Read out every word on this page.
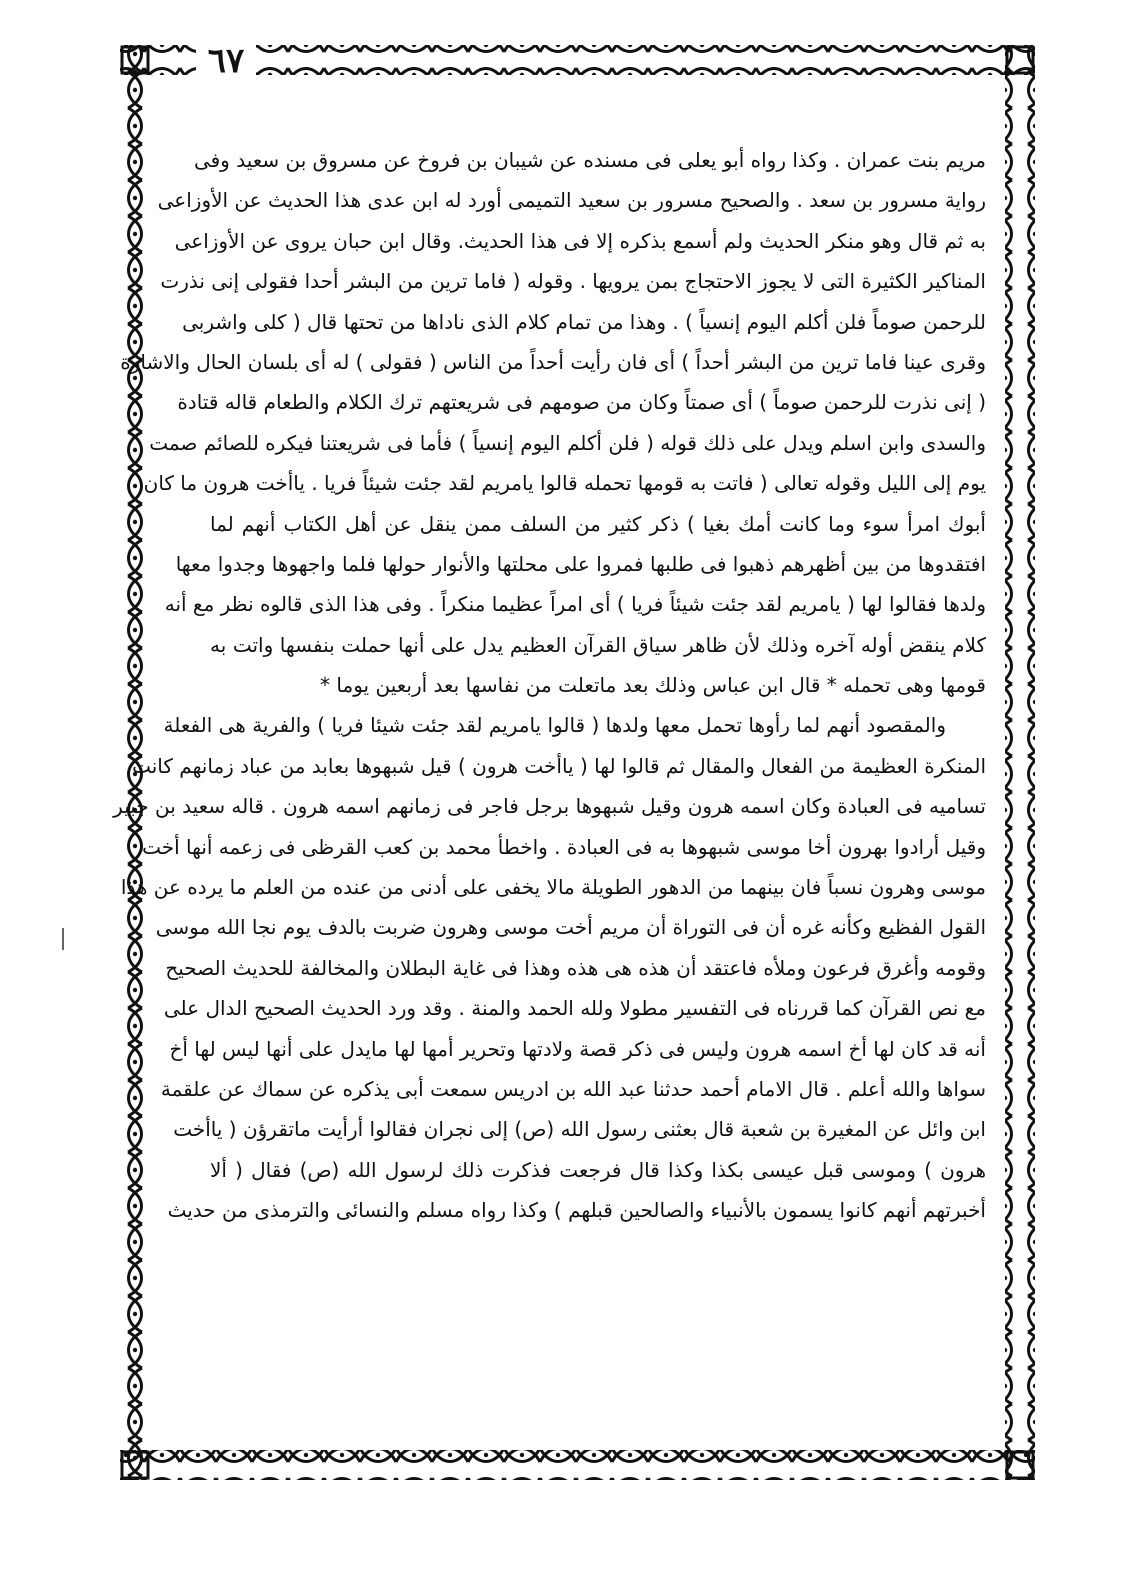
٦٧
مريم بنت عمران . وكذا رواه أبو يعلى فى مسنده عن شيبان بن فروخ عن مسروق بن سعيد وفى
رواية مسرور بن سعد . والصحيح مسرور بن سعيد التميمى أورد له ابن عدى هذا الحديث عن الأوزاعى
به ثم قال وهو منكر الحديث ولم أسمع بذكره إلا فى هذا الحديث. وقال ابن حبان يروى عن الأوزاعى
المناكير الكثيرة التى لا يجوز الاحتجاج بمن يرويها . وقوله ( فاما ترين من البشر أحدا فقولى إنى نذرت
للرحمن صوماً فلن أكلم اليوم إنسياً ) . وهذا من تمام كلام الذى ناداها من تحتها قال ( كلى واشربى
وقرى عينا فاما ترين من البشر أحداً ) أى فان رأيت أحداً من الناس ( فقولى ) له أى بلسان الحال والاشارة
( إنى نذرت للرحمن صوماً ) أى صمتاً وكان من صومهم فى شريعتهم ترك الكلام والطعام قاله قتادة
والسدى وابن اسلم ويدل على ذلك قوله ( فلن أكلم اليوم إنسياً ) فأما فى شريعتنا فيكره للصائم صمت
يوم إلى الليل وقوله تعالى ( فاتت به قومها تحمله قالوا يامريم لقد جئت شيئاً فريا . ياأخت هرون ما كان
أبوك امرأ سوء وما كانت أمك بغيا ) ذكر كثير من السلف ممن ينقل عن أهل الكتاب أنهم لما
افتقدوها من بين أظهرهم ذهبوا فى طلبها فمروا على محلتها والأنوار حولها فلما واجهوها وجدوا معها
ولدها فقالوا لها ( يامريم لقد جئت شيئاً فريا ) أى امراً عظيما منكراً . وفى هذا الذى قالوه نظر مع أنه
كلام ينقض أوله آخره وذلك لأن ظاهر سياق القرآن العظيم يدل على أنها حملت بنفسها واتت به
قومها وهى تحمله * قال ابن عباس وذلك بعد ماتعلت من نفاسها بعد أربعين يوما *
والمقصود أنهم لما رأوها تحمل معها ولدها ( قالوا يامريم لقد جئت شيئا فريا ) والفرية هى الفعلة
المنكرة العظيمة من الفعال والمقال ثم قالوا لها ( ياأخت هرون ) قيل شبهوها بعابد من عباد زمانهم كانت
تساميه فى العبادة وكان اسمه هرون وقيل شبهوها برجل فاجر فى زمانهم اسمه هرون . قاله سعيد بن جبير
وقيل أرادوا بهرون أخا موسى شبهوها به فى العبادة . واخطأ محمد بن كعب القرظى فى زعمه أنها أخت
موسى وهرون نسباً فان بينهما من الدهور الطويلة مالا يخفى على أدنى من عنده من العلم ما يرده عن هذا
القول الفظيع وكأنه غره أن فى التوراة أن مريم أخت موسى وهرون ضربت بالدف يوم نجا الله موسى
وقومه وأغرق فرعون وملأه فاعتقد أن هذه هى هذه وهذا فى غاية البطلان والمخالفة للحديث الصحيح
مع نص القرآن كما قررناه فى التفسير مطولا ولله الحمد والمنة . وقد ورد الحديث الصحيح الدال على
أنه قد كان لها أخ اسمه هرون وليس فى ذكر قصة ولادتها وتحرير أمها لها مايدل على أنها ليس لها أخ
سواها والله أعلم . قال الامام أحمد حدثنا عبد الله بن ادريس سمعت أبى يذكره عن سماك عن علقمة
ابن وائل عن المغيرة بن شعبة قال بعثنى رسول الله (ص) إلى نجران فقالوا أرأيت ماتقرؤن ( ياأخت
هرون ) وموسى قبل عيسى بكذا وكذا قال فرجعت فذكرت ذلك لرسول الله (ص) فقال ( ألا
أخبرتهم أنهم كانوا يسمون بالأنبياء والصالحين قبلهم ) وكذا رواه مسلم والنسائى والترمذى من حديث
